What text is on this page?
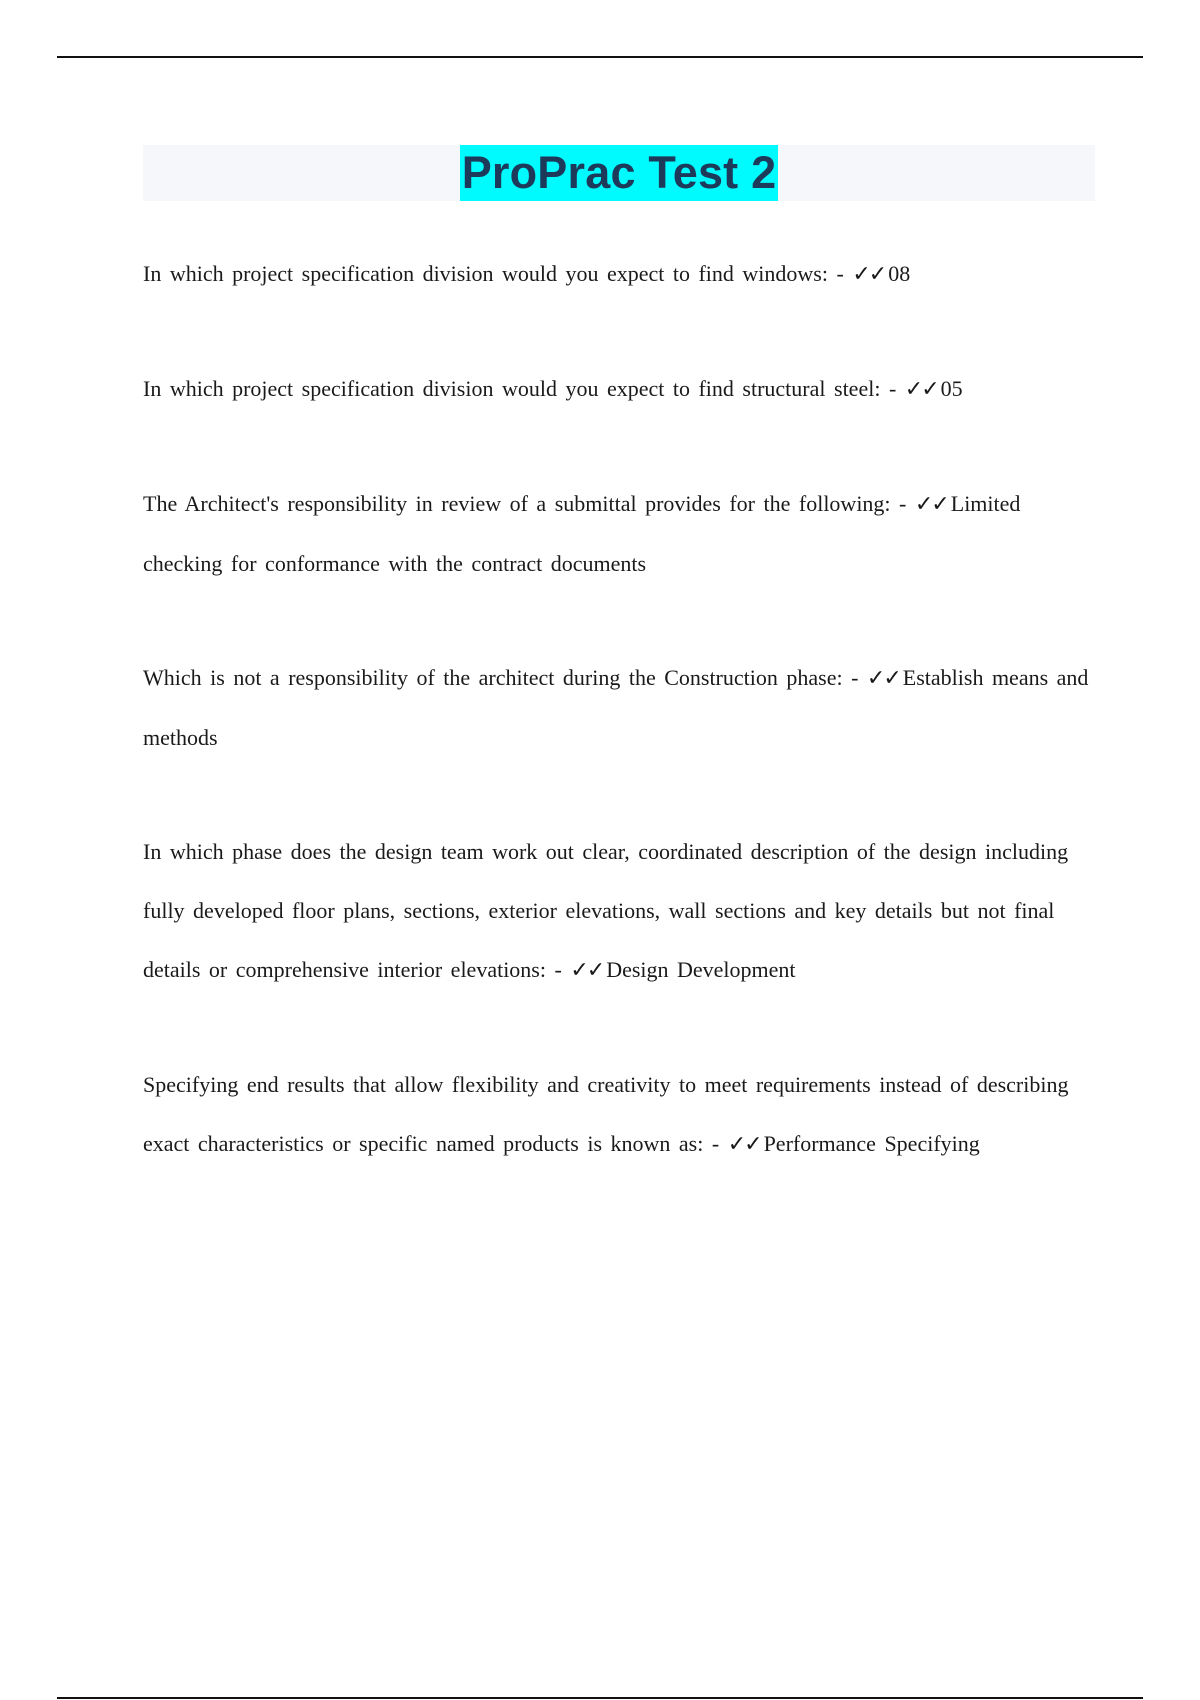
ProPrac Test 2

In which project specification division would you expect to find windows: - ✓✓ 08

In which project specification division would you expect to find structural steel: - ✓✓ 05

The Architect's responsibility in review of a submittal provides for the following: - ✓✓ Limited checking for conformance with the contract documents

Which is not a responsibility of the architect during the Construction phase: - ✓✓ Establish means and methods

In which phase does the design team work out clear, coordinated description of the design including fully developed floor plans, sections, exterior elevations, wall sections and key details but not final details or comprehensive interior elevations: - ✓✓ Design Development

Specifying end results that allow flexibility and creativity to meet requirements instead of describing exact characteristics or specific named products is known as: - ✓✓ Performance Specifying
